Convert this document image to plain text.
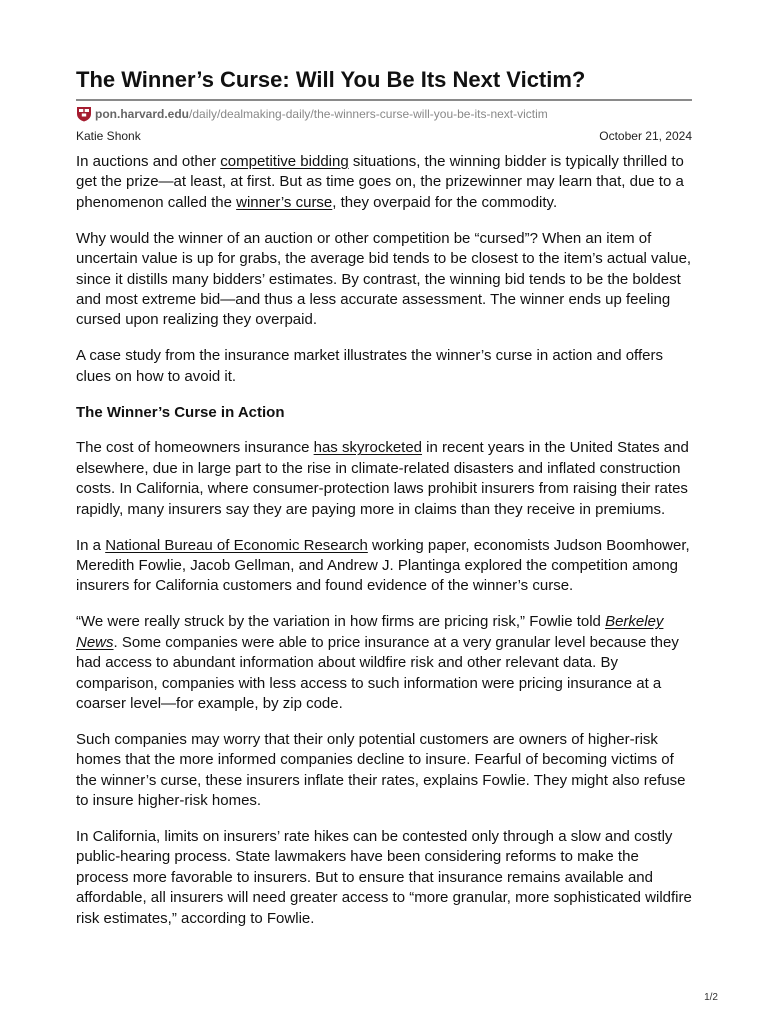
The Winner’s Curse: Will You Be Its Next Victim?
pon.harvard.edu /daily/dealmaking-daily/the-winners-curse-will-you-be-its-next-victim
Katie Shonk	October 21, 2024

In auctions and other competitive bidding situations, the winning bidder is typically thrilled to get the prize—at least, at first. But as time goes on, the prizewinner may learn that, due to a phenomenon called the winner’s curse, they overpaid for the commodity.

Why would the winner of an auction or other competition be “cursed”? When an item of uncertain value is up for grabs, the average bid tends to be closest to the item’s actual value, since it distills many bidders’ estimates. By contrast, the winning bid tends to be the boldest and most extreme bid—and thus a less accurate assessment. The winner ends up feeling cursed upon realizing they overpaid.

A case study from the insurance market illustrates the winner’s curse in action and offers clues on how to avoid it.

The Winner’s Curse in Action

The cost of homeowners insurance has skyrocketed in recent years in the United States and elsewhere, due in large part to the rise in climate-related disasters and inflated construction costs. In California, where consumer-protection laws prohibit insurers from raising their rates rapidly, many insurers say they are paying more in claims than they receive in premiums.

In a National Bureau of Economic Research working paper, economists Judson Boomhower, Meredith Fowlie, Jacob Gellman, and Andrew J. Plantinga explored the competition among insurers for California customers and found evidence of the winner’s curse.

“We were really struck by the variation in how firms are pricing risk,” Fowlie told Berkeley News. Some companies were able to price insurance at a very granular level because they had access to abundant information about wildfire risk and other relevant data. By comparison, companies with less access to such information were pricing insurance at a coarser level—for example, by zip code.

Such companies may worry that their only potential customers are owners of higher-risk homes that the more informed companies decline to insure. Fearful of becoming victims of the winner’s curse, these insurers inflate their rates, explains Fowlie. They might also refuse to insure higher-risk homes.

In California, limits on insurers’ rate hikes can be contested only through a slow and costly public-hearing process. State lawmakers have been considering reforms to make the process more favorable to insurers. But to ensure that insurance remains available and affordable, all insurers will need greater access to “more granular, more sophisticated wildfire risk estimates,” according to Fowlie.

1/2
